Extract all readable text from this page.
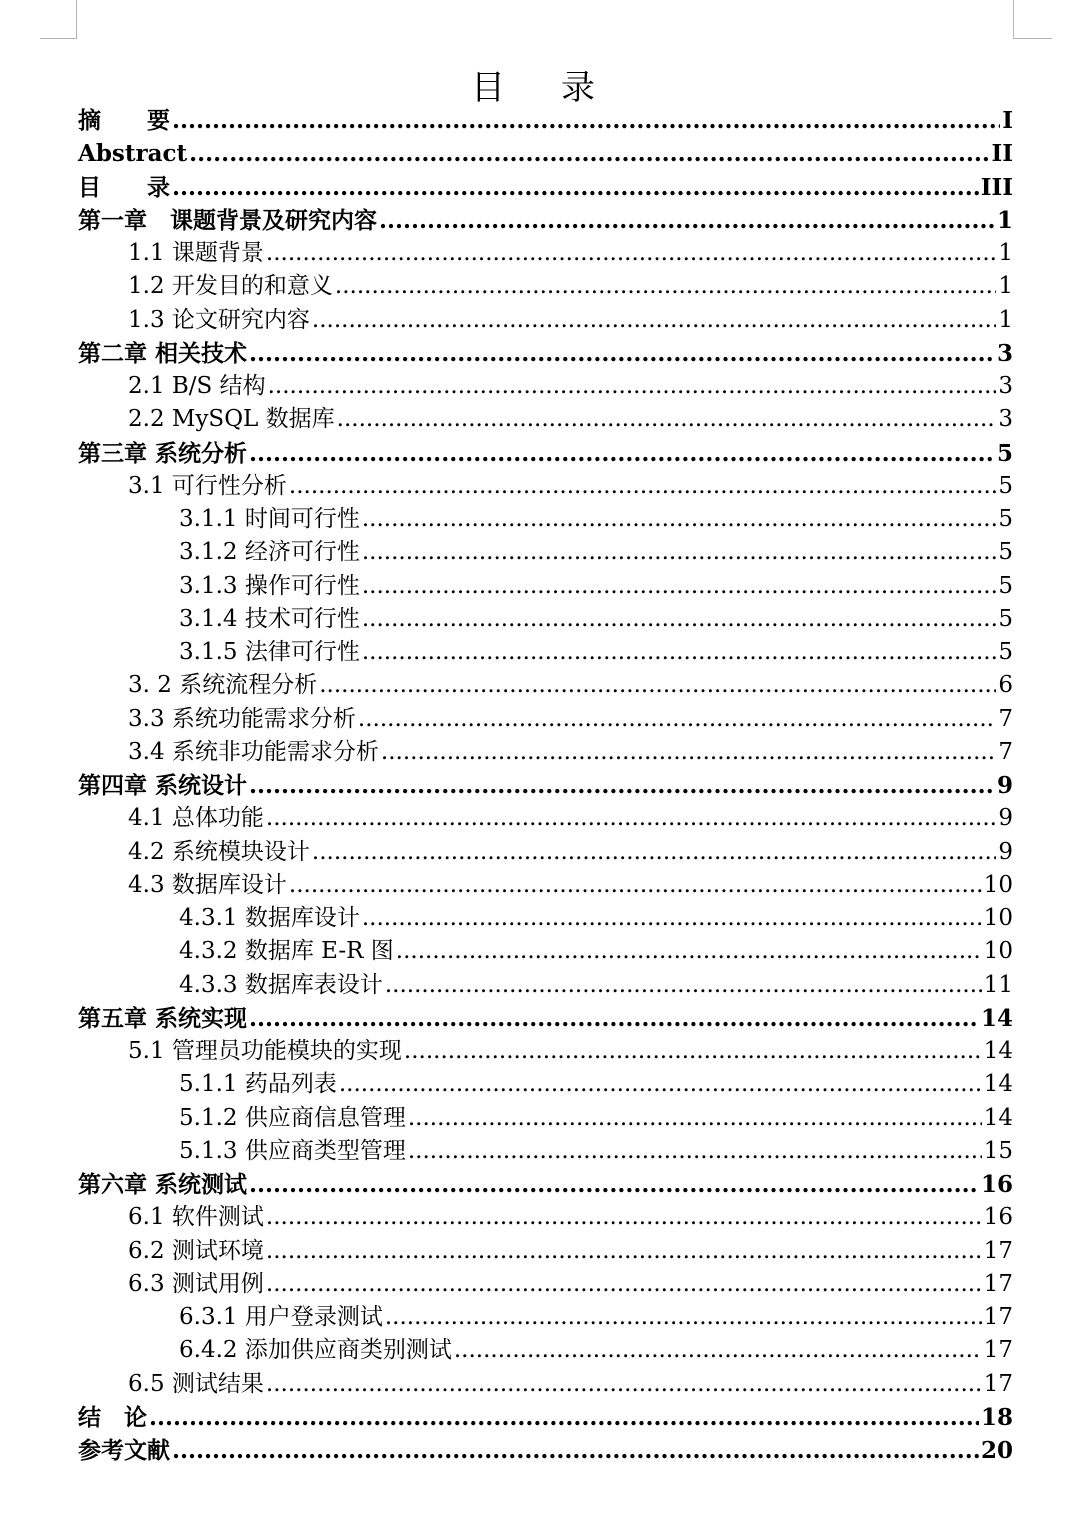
目 录
摘　　要 .....	I
Abstract .....	II
目　　录 .....	III
第一章　课题背景及研究内容 .....	1
1.1 课题背景 .....	1
1.2 开发目的和意义 .....	1
1.3 论文研究内容 .....	1
第二章 相关技术 .....	3
2.1 B/S 结构 .....	3
2.2 MySQL 数据库 .....	3
第三章 系统分析 .....	5
3.1 可行性分析 .....	5
3.1.1 时间可行性 .....	5
3.1.2 经济可行性 .....	5
3.1.3 操作可行性 .....	5
3.1.4 技术可行性 .....	5
3.1.5 法律可行性 .....	5
3. 2 系统流程分析 .....	6
3.3 系统功能需求分析 .....	7
3.4 系统非功能需求分析 .....	7
第四章 系统设计 .....	9
4.1 总体功能 .....	9
4.2 系统模块设计 .....	9
4.3 数据库设计 .....	10
4.3.1 数据库设计 .....	10
4.3.2 数据库 E-R 图 .....	10
4.3.3 数据库表设计 .....	11
第五章 系统实现 .....	14
5.1 管理员功能模块的实现 .....	14
5.1.1 药品列表 .....	14
5.1.2 供应商信息管理 .....	14
5.1.3 供应商类型管理 .....	15
第六章 系统测试 .....	16
6.1 软件测试 .....	16
6.2 测试环境 .....	17
6.3 测试用例 .....	17
6.3.1 用户登录测试 .....	17
6.4.2 添加供应商类别测试 .....	17
6.5 测试结果 .....	17
结　论 .....	18
参考文献 .....	20
